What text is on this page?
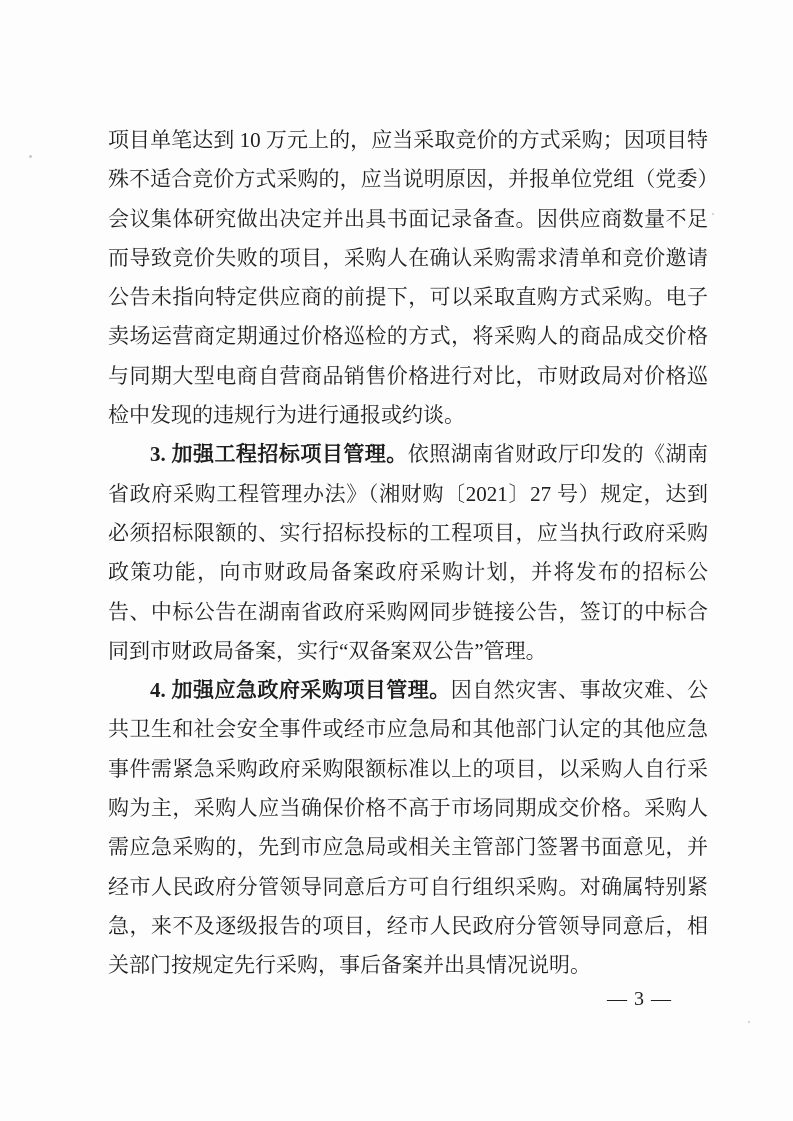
项目单笔达到 10 万元上的，应当采取竞价的方式采购；因项目特殊不适合竞价方式采购的，应当说明原因，并报单位党组（党委）会议集体研究做出决定并出具书面记录备查。因供应商数量不足而导致竞价失败的项目，采购人在确认采购需求清单和竞价邀请公告未指向特定供应商的前提下，可以采取直购方式采购。电子卖场运营商定期通过价格巡检的方式，将采购人的商品成交价格与同期大型电商自营商品销售价格进行对比，市财政局对价格巡检中发现的违规行为进行通报或约谈。

3. 加强工程招标项目管理。依照湖南省财政厅印发的《湖南省政府采购工程管理办法》（湘财购〔2021〕27 号）规定，达到必须招标限额的、实行招标投标的工程项目，应当执行政府采购政策功能，向市财政局备案政府采购计划，并将发布的招标公告、中标公告在湖南省政府采购网同步链接公告，签订的中标合同到市财政局备案，实行“双备案双公告”管理。

4. 加强应急政府采购项目管理。因自然灾害、事故灾难、公共卫生和社会安全事件或经市应急局和其他部门认定的其他应急事件需紧急采购政府采购限额标准以上的项目，以采购人自行采购为主，采购人应当确保价格不高于市场同期成交价格。采购人需应急采购的，先到市应急局或相关主管部门签署书面意见，并经市人民政府分管领导同意后方可自行组织采购。对确属特别紧急，来不及逐级报告的项目，经市人民政府分管领导同意后，相关部门按规定先行采购，事后备案并出具情况说明。

— 3 —
